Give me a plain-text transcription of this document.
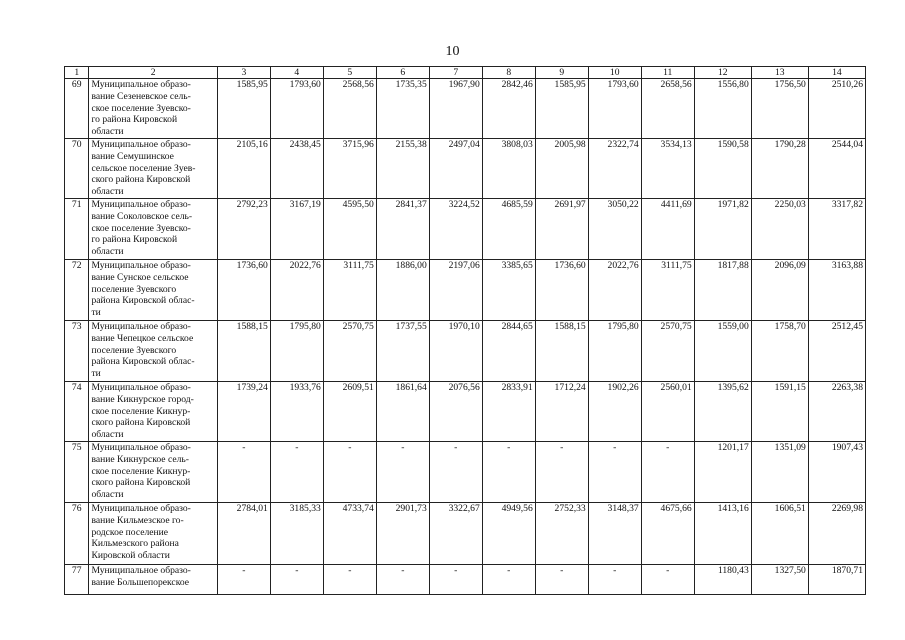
10
1	2	3	4	5	6	7	8	9	10	11	12	13	14
69	Муниципальное образо-
вание Сезеневское сель-
ское поселение Зуевско-
го района Кировской
области	1585,95	1793,60	2568,56	1735,35	1967,90	2842,46	1585,95	1793,60	2658,56	1556,80	1756,50	2510,26
70	Муниципальное образо-
вание Семушинское
сельское поселение Зуев-
ского района Кировской
области	2105,16	2438,45	3715,96	2155,38	2497,04	3808,03	2005,98	2322,74	3534,13	1590,58	1790,28	2544,04
71	Муниципальное образо-
вание Соколовское сель-
ское поселение Зуевско-
го района Кировской
области	2792,23	3167,19	4595,50	2841,37	3224,52	4685,59	2691,97	3050,22	4411,69	1971,82	2250,03	3317,82
72	Муниципальное образо-
вание Сунское сельское
поселение Зуевского
района Кировской облас-
ти	1736,60	2022,76	3111,75	1886,00	2197,06	3385,65	1736,60	2022,76	3111,75	1817,88	2096,09	3163,88
73	Муниципальное образо-
вание Чепецкое сельское
поселение Зуевского
района Кировской облас-
ти	1588,15	1795,80	2570,75	1737,55	1970,10	2844,65	1588,15	1795,80	2570,75	1559,00	1758,70	2512,45
74	Муниципальное образо-
вание Кикнурское город-
ское поселение Кикнур-
ского района Кировской
области	1739,24	1933,76	2609,51	1861,64	2076,56	2833,91	1712,24	1902,26	2560,01	1395,62	1591,15	2263,38
75	Муниципальное образо-
вание Кикнурское сель-
ское поселение Кикнур-
ского района Кировской
области	-	-	-	-	-	-	-	-	-	1201,17	1351,09	1907,43
76	Муниципальное образо-
вание Кильмезское го-
родское поселение
Кильмезского района
Кировской области	2784,01	3185,33	4733,74	2901,73	3322,67	4949,56	2752,33	3148,37	4675,66	1413,16	1606,51	2269,98
77	Муниципальное образо-
вание Большепорекское	-	-	-	-	-	-	-	-	-	1180,43	1327,50	1870,71
